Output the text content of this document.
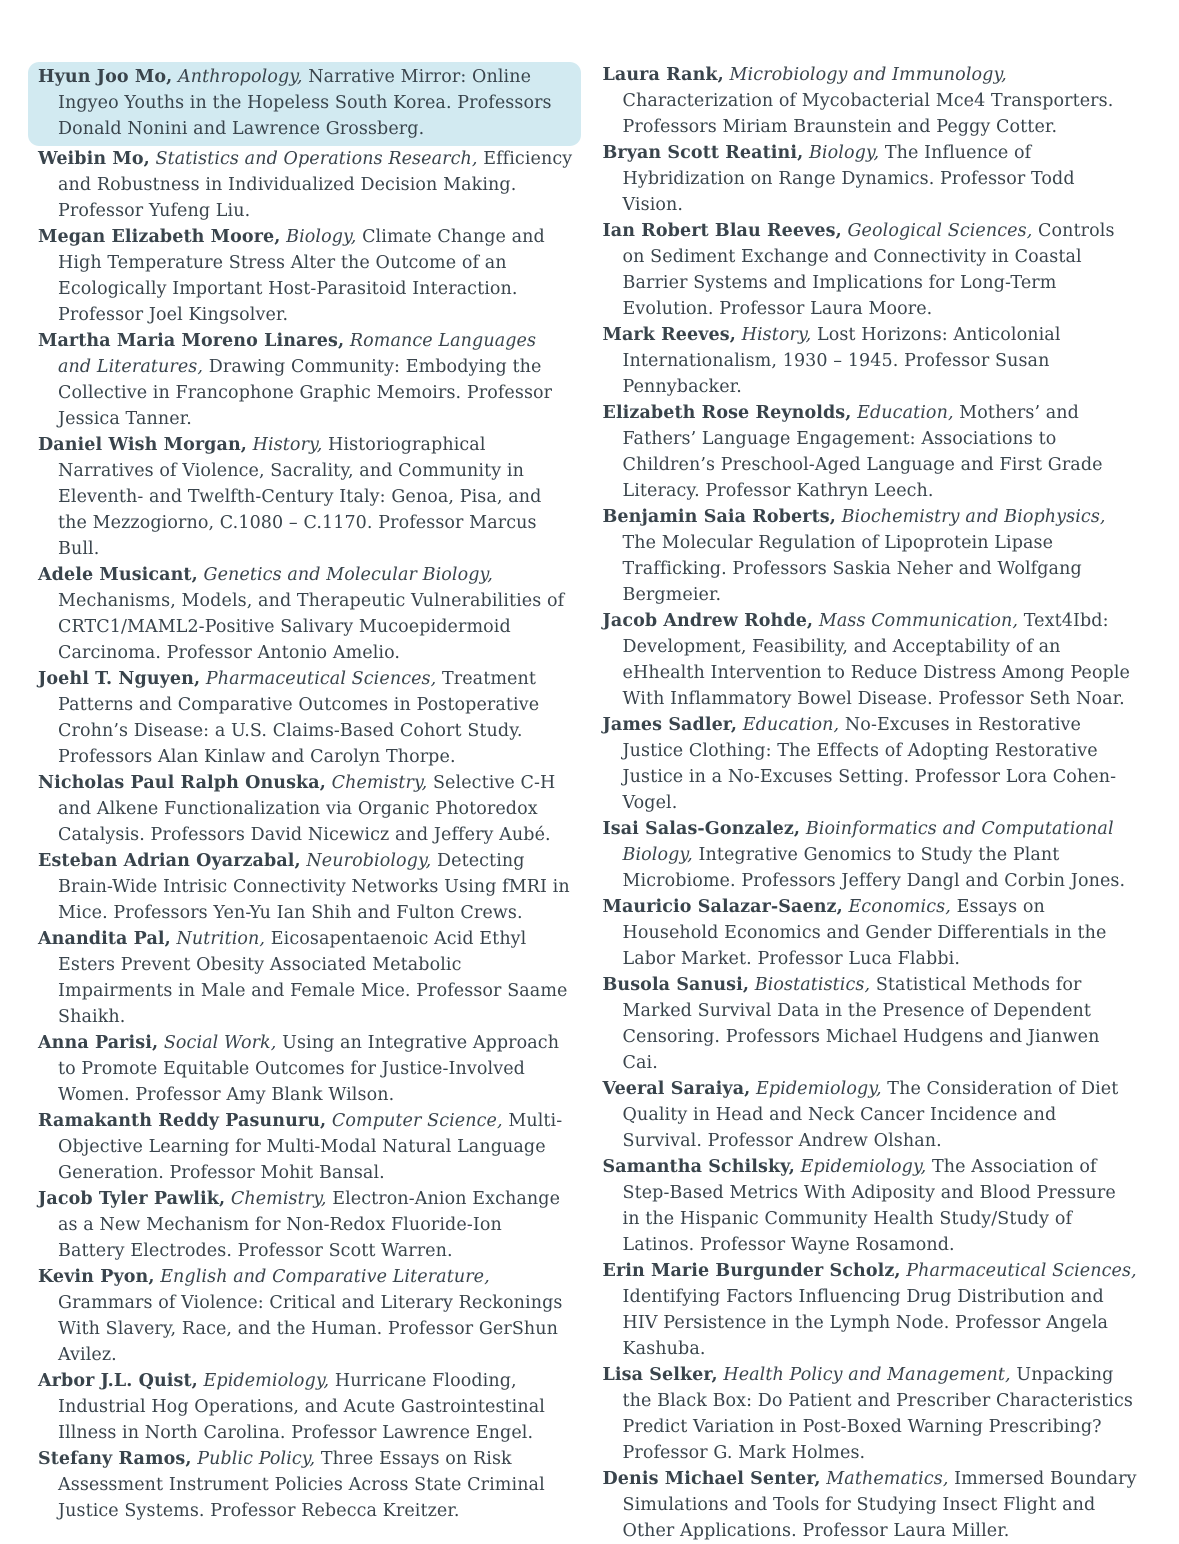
Hyun Joo Mo, Anthropology, Narrative Mirror: Online Ingyeo Youths in the Hopeless South Korea. Professors Donald Nonini and Lawrence Grossberg.

Weibin Mo, Statistics and Operations Research, Efficiency and Robustness in Individualized Decision Making. Professor Yufeng Liu.

Megan Elizabeth Moore, Biology, Climate Change and High Temperature Stress Alter the Outcome of an Ecologically Important Host-Parasitoid Interaction. Professor Joel Kingsolver.

Martha Maria Moreno Linares, Romance Languages and Literatures, Drawing Community: Embodying the Collective in Francophone Graphic Memoirs. Professor Jessica Tanner.

Daniel Wish Morgan, History, Historiographical Narratives of Violence, Sacrality, and Community in Eleventh- and Twelfth-Century Italy: Genoa, Pisa, and the Mezzogiorno, C.1080 – C.1170. Professor Marcus Bull.

Adele Musicant, Genetics and Molecular Biology, Mechanisms, Models, and Therapeutic Vulnerabilities of CRTC1/MAML2-Positive Salivary Mucoepidermoid Carcinoma. Professor Antonio Amelio.

Joehl T. Nguyen, Pharmaceutical Sciences, Treatment Patterns and Comparative Outcomes in Postoperative Crohn’s Disease: a U.S. Claims-Based Cohort Study. Professors Alan Kinlaw and Carolyn Thorpe.

Nicholas Paul Ralph Onuska, Chemistry, Selective C-H and Alkene Functionalization via Organic Photoredox Catalysis. Professors David Nicewicz and Jeffery Aubé.

Esteban Adrian Oyarzabal, Neurobiology, Detecting Brain-Wide Intrisic Connectivity Networks Using fMRI in Mice. Professors Yen-Yu Ian Shih and Fulton Crews.

Anandita Pal, Nutrition, Eicosapentaenoic Acid Ethyl Esters Prevent Obesity Associated Metabolic Impairments in Male and Female Mice. Professor Saame Shaikh.

Anna Parisi, Social Work, Using an Integrative Approach to Promote Equitable Outcomes for Justice-Involved Women. Professor Amy Blank Wilson.

Ramakanth Reddy Pasunuru, Computer Science, Multi-Objective Learning for Multi-Modal Natural Language Generation. Professor Mohit Bansal.

Jacob Tyler Pawlik, Chemistry, Electron-Anion Exchange as a New Mechanism for Non-Redox Fluoride-Ion Battery Electrodes. Professor Scott Warren.

Kevin Pyon, English and Comparative Literature, Grammars of Violence: Critical and Literary Reckonings With Slavery, Race, and the Human. Professor GerShun Avilez.

Arbor J.L. Quist, Epidemiology, Hurricane Flooding, Industrial Hog Operations, and Acute Gastrointestinal Illness in North Carolina. Professor Lawrence Engel.

Stefany Ramos, Public Policy, Three Essays on Risk Assessment Instrument Policies Across State Criminal Justice Systems. Professor Rebecca Kreitzer.

Laura Rank, Microbiology and Immunology, Characterization of Mycobacterial Mce4 Transporters. Professors Miriam Braunstein and Peggy Cotter.

Bryan Scott Reatini, Biology, The Influence of Hybridization on Range Dynamics. Professor Todd Vision.

Ian Robert Blau Reeves, Geological Sciences, Controls on Sediment Exchange and Connectivity in Coastal Barrier Systems and Implications for Long-Term Evolution. Professor Laura Moore.

Mark Reeves, History, Lost Horizons: Anticolonial Internationalism, 1930 – 1945. Professor Susan Pennybacker.

Elizabeth Rose Reynolds, Education, Mothers’ and Fathers’ Language Engagement: Associations to Children’s Preschool-Aged Language and First Grade Literacy. Professor Kathryn Leech.

Benjamin Saia Roberts, Biochemistry and Biophysics, The Molecular Regulation of Lipoprotein Lipase Trafficking. Professors Saskia Neher and Wolfgang Bergmeier.

Jacob Andrew Rohde, Mass Communication, Text4Ibd: Development, Feasibility, and Acceptability of an eHhealth Intervention to Reduce Distress Among People With Inflammatory Bowel Disease. Professor Seth Noar.

James Sadler, Education, No-Excuses in Restorative Justice Clothing: The Effects of Adopting Restorative Justice in a No-Excuses Setting. Professor Lora Cohen-Vogel.

Isai Salas-Gonzalez, Bioinformatics and Computational Biology, Integrative Genomics to Study the Plant Microbiome. Professors Jeffery Dangl and Corbin Jones.

Mauricio Salazar-Saenz, Economics, Essays on Household Economics and Gender Differentials in the Labor Market. Professor Luca Flabbi.

Busola Sanusi, Biostatistics, Statistical Methods for Marked Survival Data in the Presence of Dependent Censoring. Professors Michael Hudgens and Jianwen Cai.

Veeral Saraiya, Epidemiology, The Consideration of Diet Quality in Head and Neck Cancer Incidence and Survival. Professor Andrew Olshan.

Samantha Schilsky, Epidemiology, The Association of Step-Based Metrics With Adiposity and Blood Pressure in the Hispanic Community Health Study/Study of Latinos. Professor Wayne Rosamond.

Erin Marie Burgunder Scholz, Pharmaceutical Sciences, Identifying Factors Influencing Drug Distribution and HIV Persistence in the Lymph Node. Professor Angela Kashuba.

Lisa Selker, Health Policy and Management, Unpacking the Black Box: Do Patient and Prescriber Characteristics Predict Variation in Post-Boxed Warning Prescribing? Professor G. Mark Holmes.

Denis Michael Senter, Mathematics, Immersed Boundary Simulations and Tools for Studying Insect Flight and Other Applications. Professor Laura Miller.
